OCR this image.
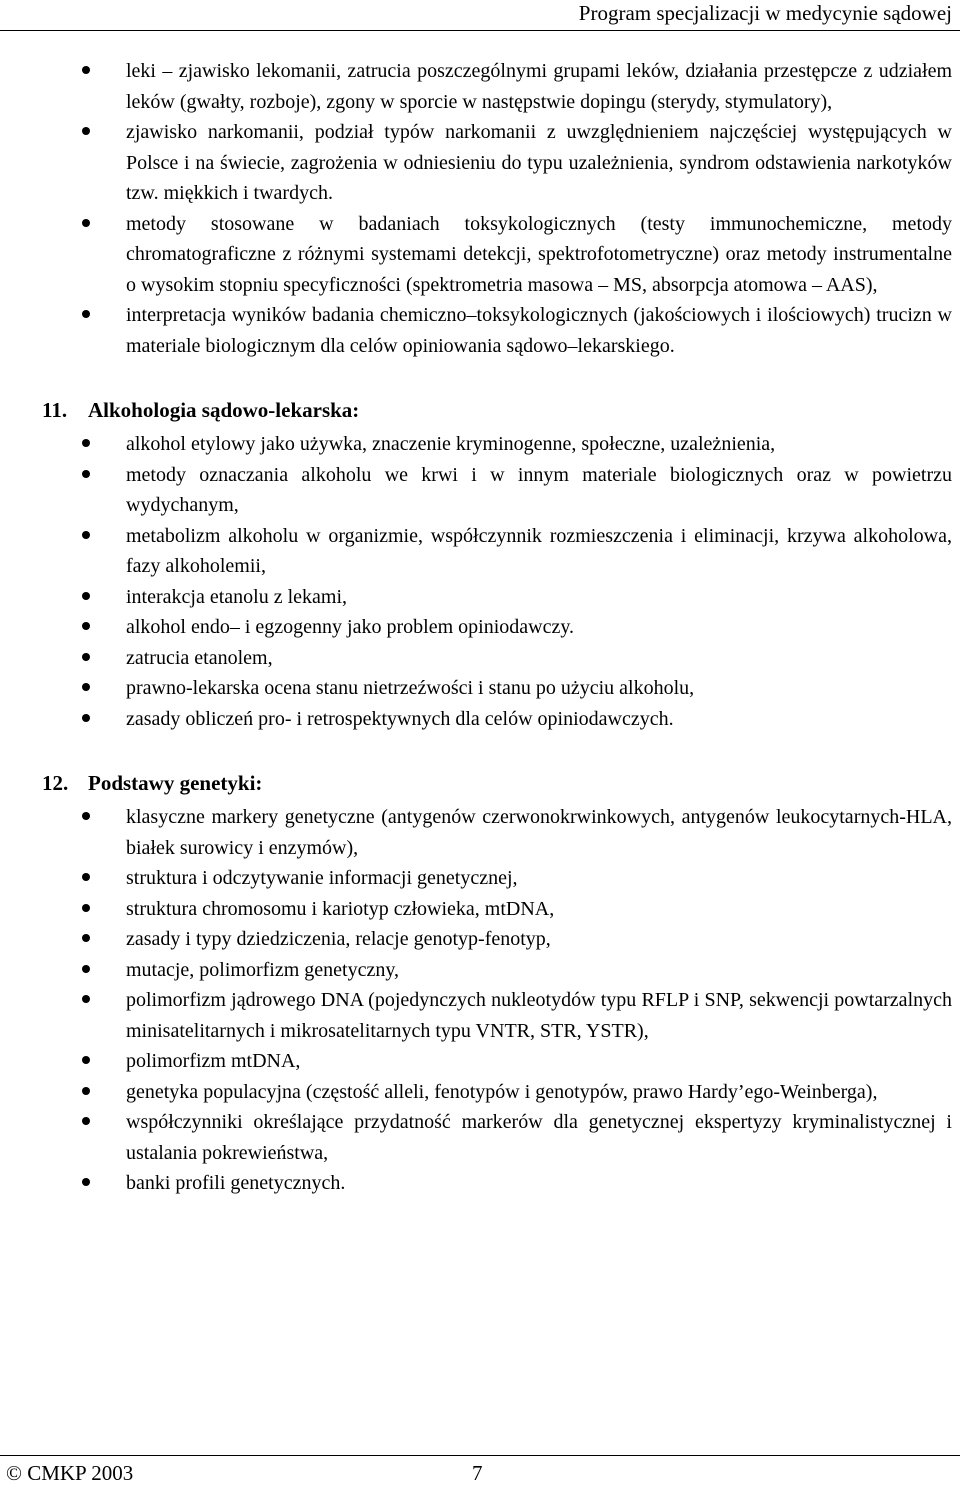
Program specjalizacji w medycynie sądowej
leki – zjawisko lekomanii, zatrucia poszczególnymi grupami leków, działania przestępcze z udziałem leków (gwałty, rozboje), zgony w sporcie w następstwie dopingu (sterydy, stymulatory),
zjawisko narkomanii, podział typów narkomanii z uwzględnieniem najczęściej występujących w Polsce i na świecie, zagrożenia w odniesieniu do typu uzależnienia, syndrom odstawienia narkotyków tzw. miękkich i twardych.
metody stosowane w badaniach toksykologicznych (testy immunochemiczne, metody chromatograficzne z różnymi systemami detekcji, spektrofotometryczne) oraz metody instrumentalne o wysokim stopniu specyficzności (spektrometria masowa – MS, absorpcja atomowa – AAS),
interpretacja wyników badania chemiczno–toksykologicznych (jakościowych i ilościowych) trucizn w materiale biologicznym dla celów opiniowania sądowo–lekarskiego.
11. Alkohologia sądowo-lekarska:
alkohol etylowy jako używka, znaczenie kryminogenne, społeczne, uzależnienia,
metody oznaczania alkoholu we krwi i w innym materiale biologicznych oraz w powietrzu wydychanym,
metabolizm alkoholu w organizmie, współczynnik rozmieszczenia i eliminacji, krzywa alkoholowa, fazy alkoholemii,
interakcja etanolu z lekami,
alkohol endo– i egzogenny jako problem opiniodawczy.
zatrucia etanolem,
prawno-lekarska ocena stanu nietrzeźwości i stanu po użyciu alkoholu,
zasady obliczeń pro- i retrospektywnych dla celów opiniodawczych.
12. Podstawy genetyki:
klasyczne markery genetyczne (antygenów czerwonokrwinkowych, antygenów leukocytarnych-HLA, białek surowicy i enzymów),
struktura i odczytywanie informacji genetycznej,
struktura chromosomu i kariotyp człowieka, mtDNA,
zasady i typy dziedziczenia, relacje genotyp-fenotyp,
mutacje, polimorfizm genetyczny,
polimorfizm jądrowego DNA (pojedynczych nukleotydów typu RFLP i SNP, sekwencji powtarzalnych minisatelitarnych i mikrosatelitarnych typu VNTR, STR, YSTR),
polimorfizm mtDNA,
genetyka populacyjna (częstość alleli, fenotypów i genotypów, prawo Hardy’ego-Weinberga),
współczynniki określające przydatność markerów dla genetycznej ekspertyzy kryminalistycznej i ustalania pokrewieństwa,
banki profili genetycznych.
© CMKP 2003	7
